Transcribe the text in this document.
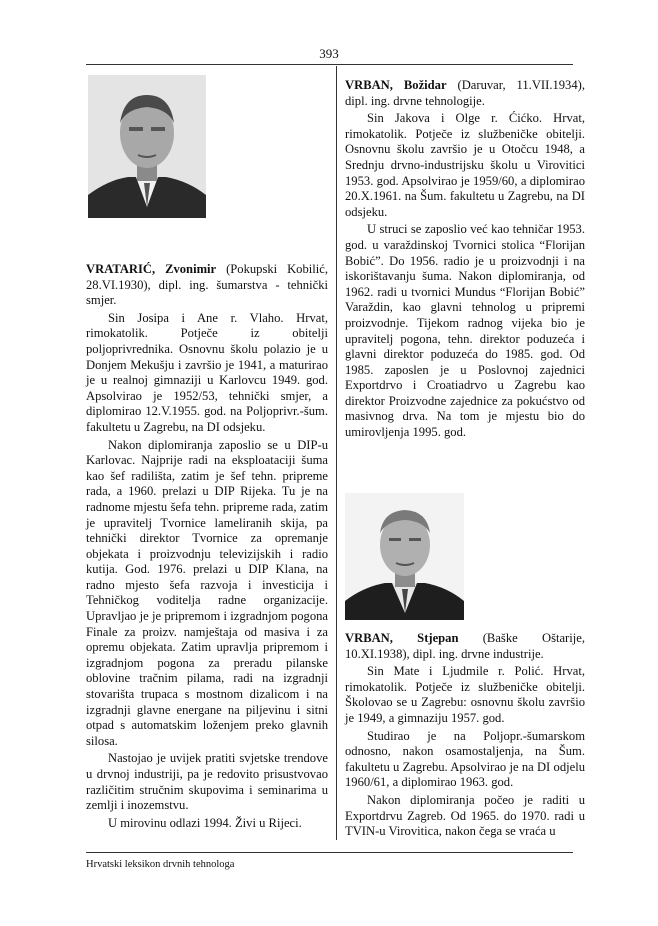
393

VRATARIĆ, Zvonimir (Pokupski Kobilić, 28.VI.1930), dipl. ing. šumarstva - tehnički smjer.

Sin Josipa i Ane r. Vlaho. Hrvat, rimokatolik. Potječe iz obitelji poljoprivrednika. Osnovnu školu polazio je u Donjem Mekušju i završio je 1941, a maturirao je u realnoj gimnaziji u Karlovcu 1949. god. Apsolvirao je 1952/53, tehnički smjer, a diplomirao 12.V.1955. god. na Poljoprivr.-šum. fakultetu u Zagrebu, na DI odsjeku.

Nakon diplomiranja zaposlio se u DIP-u Karlovac. Najprije radi na eksploataciji šuma kao šef radilišta, zatim je šef tehn. pripreme rada, a 1960. prelazi u DIP Rijeka. Tu je na radnome mjestu šefa tehn. pripreme rada, zatim je upravitelj Tvornice lameliranih skija, pa tehnički direktor Tvornice za opremanje objekata i proizvodnju televizijskih i radio kutija. God. 1976. prelazi u DIP Klana, na radno mjesto šefa razvoja i investicija i Tehničkog voditelja radne organizacije. Upravljao je je pripremom i izgradnjom pogona Finale za proizv. namještaja od masiva i za opremu objekata. Zatim upravlja pripremom i izgradnjom pogona za preradu pilanske oblovine tračnim pilama, radi na izgradnji stovarišta trupaca s mostnom dizalicom i na izgradnji glavne energane na piljevinu i sitni otpad s automatskim loženjem preko glavnih silosa.

Nastojao je uvijek pratiti svjetske trendove u drvnoj industriji, pa je redovito prisustvovao različitim stručnim skupovima i seminarima u zemlji i inozemstvu.

U mirovinu odlazi 1994. Živi u Rijeci.

VRBAN, Božidar (Daruvar, 11.VII.1934), dipl. ing. drvne tehnologije.

Sin Jakova i Olge r. Ćićko. Hrvat, rimokatolik. Potječe iz službeničke obitelji. Osnovnu školu završio je u Otočcu 1948, a Srednju drvno-industrijsku školu u Virovitici 1953. god. Apsolvirao je 1959/60, a diplomirao 20.X.1961. na Šum. fakultetu u Zagrebu, na DI odsjeku.

U struci se zaposlio već kao tehničar 1953. god. u varaždinskoj Tvornici stolica “Florijan Bobić”. Do 1956. radio je u proizvodnji i na iskorištavanju šuma. Nakon diplomiranja, od 1962. radi u tvornici Mundus “Florijan Bobić” Varaždin, kao glavni tehnolog u pripremi proizvodnje. Tijekom radnog vijeka bio je upravitelj pogona, tehn. direktor poduzeća i glavni direktor poduzeća do 1985. god. Od 1985. zaposlen je u Poslovnoj zajednici Exportdrvo i Croatiadrvo u Zagrebu kao direktor Proizvodne zajednice za pokućstvo od masivnog drva. Na tom je mjestu bio do umirovljenja 1995. god.

VRBAN, Stjepan (Baške Oštarije, 10.XI.1938), dipl. ing. drvne industrije.

Sin Mate i Ljudmile r. Polić. Hrvat, rimokatolik. Potječe iz službeničke obitelji. Školovao se u Zagrebu: osnovnu školu završio je 1949, a gimnaziju 1957. god.

Studirao je na Poljopr.-šumarskom odnosno, nakon osamostaljenja, na Šum. fakultetu u Zagrebu. Apsolvirao je na DI odjelu 1960/61, a diplomirao 1963. god.

Nakon diplomiranja počeo je raditi u Exportdrvu Zagreb. Od 1965. do 1970. radi u TVIN-u Virovitica, nakon čega se vraća u

Hrvatski leksikon drvnih tehnologa
